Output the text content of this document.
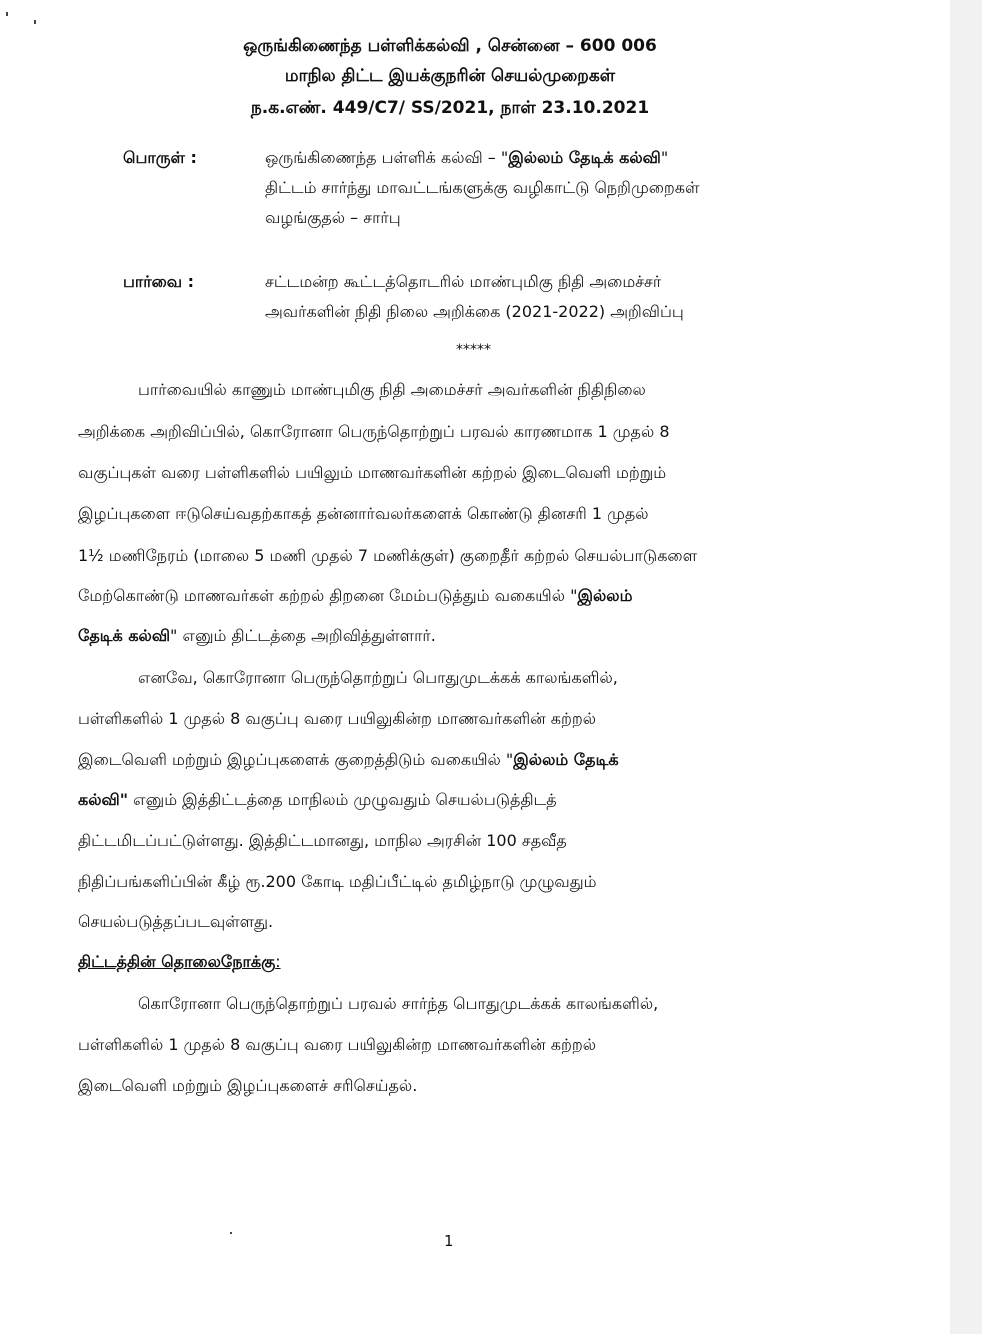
ஒருங்கிணைந்த பள்ளிக்கல்வி , சென்னை – 600 006
மாநில திட்ட இயக்குநரின் செயல்முறைகள்
ந.க.எண். 449/C7/ SS/2021, நாள் 23.10.2021
பொருள் :	ஒருங்கிணைந்த பள்ளிக் கல்வி – "இல்லம் தேடிக் கல்வி"
திட்டம் சார்ந்து மாவட்டங்களுக்கு வழிகாட்டு நெறிமுறைகள்
வழங்குதல் – சார்பு
பார்வை :	சட்டமன்ற கூட்டத்தொடரில் மாண்புமிகு நிதி அமைச்சர்
அவர்களின் நிதி நிலை அறிக்கை (2021-2022) அறிவிப்பு
*****
பார்வையில் காணும் மாண்புமிகு நிதி அமைச்சர் அவர்களின் நிதிநிலை
அறிக்கை அறிவிப்பில், கொரோனா பெருந்தொற்றுப் பரவல் காரணமாக 1 முதல் 8
வகுப்புகள் வரை பள்ளிகளில் பயிலும் மாணவர்களின் கற்றல் இடைவெளி மற்றும்
இழப்புகளை ஈடுசெய்வதற்காகத் தன்னார்வலர்களைக் கொண்டு தினசரி 1 முதல்
1½ மணிநேரம் (மாலை 5 மணி முதல் 7 மணிக்குள்) குறைதீர் கற்றல் செயல்பாடுகளை
மேற்கொண்டு மாணவர்கள் கற்றல் திறனை மேம்படுத்தும் வகையில் "இல்லம்
தேடிக் கல்வி" எனும் திட்டத்தை அறிவித்துள்ளார்.
எனவே, கொரோனா பெருந்தொற்றுப் பொதுமுடக்கக் காலங்களில்,
பள்ளிகளில் 1 முதல் 8 வகுப்பு வரை பயிலுகின்ற மாணவர்களின் கற்றல்
இடைவெளி மற்றும் இழப்புகளைக் குறைத்திடும் வகையில் "இல்லம் தேடிக்
கல்வி" எனும் இத்திட்டத்தை மாநிலம் முழுவதும் செயல்படுத்திடத்
திட்டமிடப்பட்டுள்ளது. இத்திட்டமானது, மாநில அரசின் 100 சதவீத
நிதிப்பங்களிப்பின் கீழ் ரூ.200 கோடி மதிப்பீட்டில் தமிழ்நாடு முழுவதும்
செயல்படுத்தப்படவுள்ளது.
திட்டத்தின் தொலைநோக்கு:
கொரோனா பெருந்தொற்றுப் பரவல் சார்ந்த பொதுமுடக்கக் காலங்களில்,
பள்ளிகளில் 1 முதல் 8 வகுப்பு வரை பயிலுகின்ற மாணவர்களின் கற்றல்
இடைவெளி மற்றும் இழப்புகளைச் சரிசெய்தல்.
1
